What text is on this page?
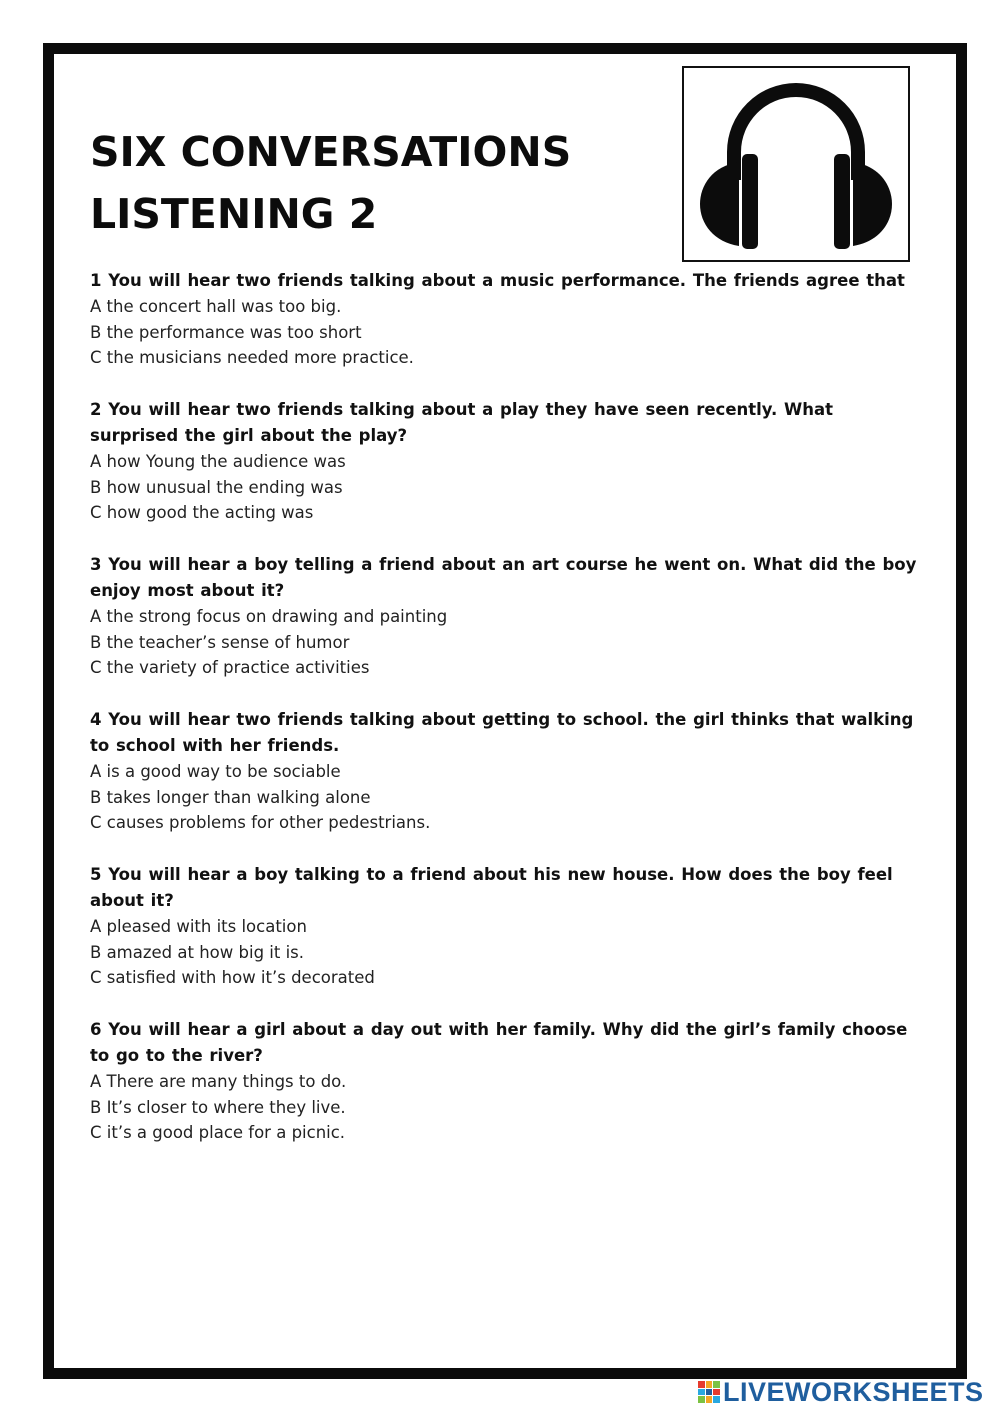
SIX CONVERSATIONS
LISTENING 2
1 You will hear two friends talking about a music performance. The friends agree that
A the concert hall was too big.
B the performance was too short
C the musicians needed more practice.
2 You will hear two friends talking about a play they have seen recently. What surprised the girl about the play?
A how Young the audience was
B how unusual the ending was
C how good the acting was
3 You will hear a boy telling a friend about an art course he went on. What did the boy enjoy most about it?
A the strong focus on drawing and painting
B the teacher’s sense of humor
C the variety of practice activities
4 You will hear two friends talking about getting to school. the girl thinks that walking to school with her friends.
A is a good way to be sociable
B takes longer than walking alone
C causes problems for other pedestrians.
5 You will hear a boy talking to a friend about his new house. How does the boy feel about it?
A pleased with its location
B amazed at how big it is.
C satisfied with how it’s decorated
6 You will hear a girl about a day out with her family. Why did the girl’s family choose to go to the river?
A There are many things to do.
B It’s closer to where they live.
C it’s a good place for a picnic.
LIVEWORKSHEETS
